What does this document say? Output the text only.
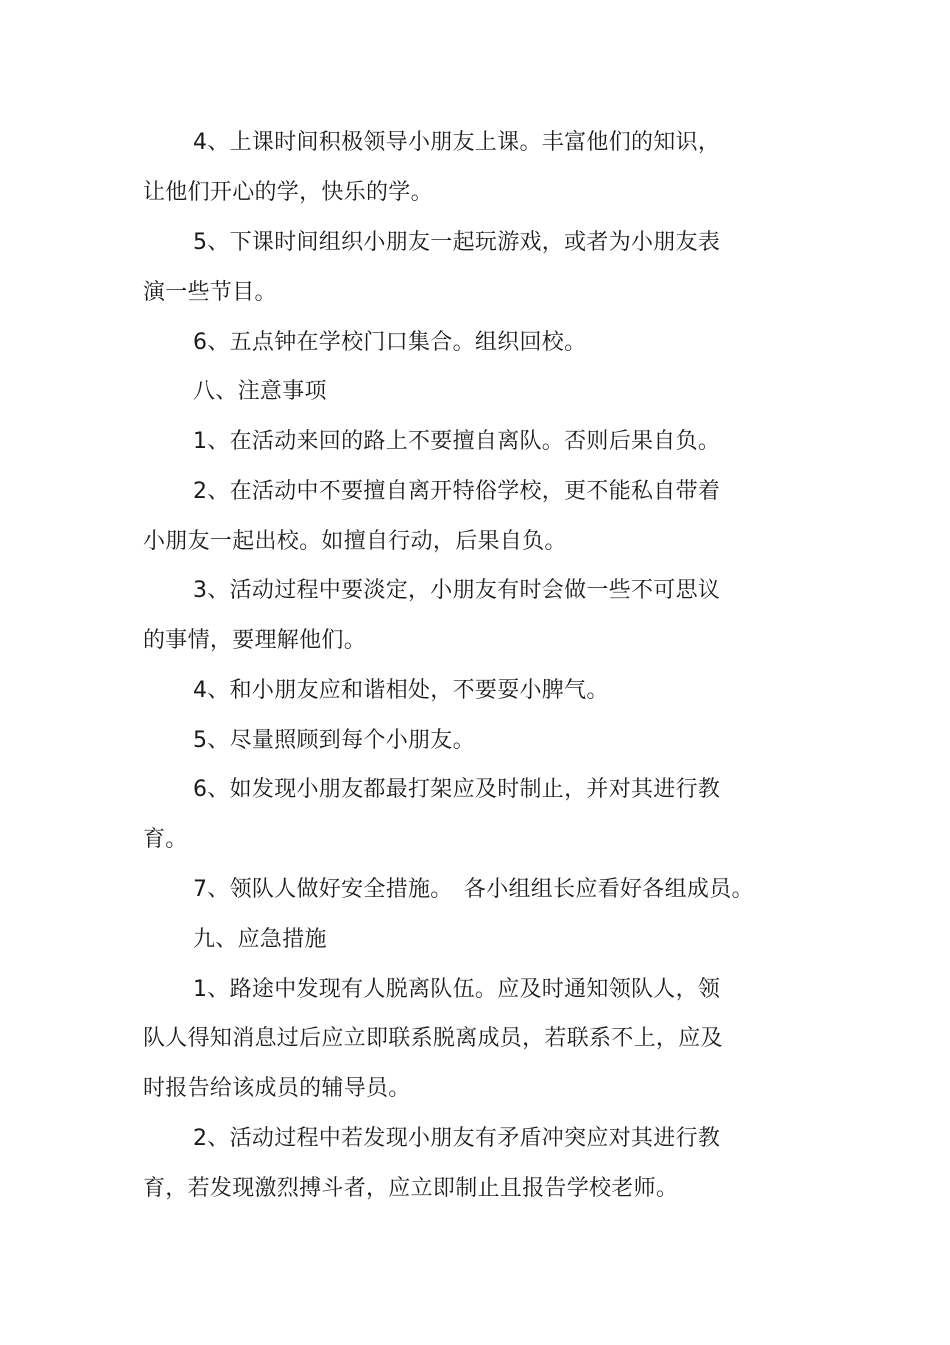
4、上课时间积极领导小朋友上课。丰富他们的知识，
让他们开心的学，快乐的学。
5、下课时间组织小朋友一起玩游戏，或者为小朋友表
演一些节目。
6、五点钟在学校门口集合。组织回校。
八、注意事项
1、在活动来回的路上不要擅自离队。否则后果自负。
2、在活动中不要擅自离开特俗学校，更不能私自带着
小朋友一起出校。如擅自行动，后果自负。
3、活动过程中要淡定，小朋友有时会做一些不可思议
的事情，要理解他们。
4、和小朋友应和谐相处，不要耍小脾气。
5、尽量照顾到每个小朋友。
6、如发现小朋友都最打架应及时制止，并对其进行教
育。
7、领队人做好安全措施。　各小组组长应看好各组成员。
九、应急措施
1、路途中发现有人脱离队伍。应及时通知领队人，领
队人得知消息过后应立即联系脱离成员，若联系不上，应及
时报告给该成员的辅导员。
2、活动过程中若发现小朋友有矛盾冲突应对其进行教
育，若发现激烈搏斗者，应立即制止且报告学校老师。
